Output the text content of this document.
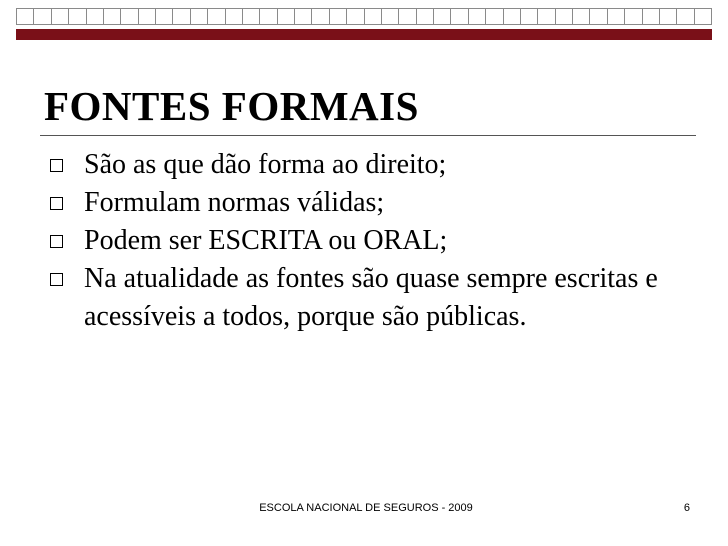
FONTES FORMAIS
São as que dão forma ao direito;
Formulam normas válidas;
Podem ser ESCRITA ou ORAL;
Na atualidade as fontes são quase sempre escritas e acessíveis a todos, porque são públicas.
ESCOLA NACIONAL DE SEGUROS - 2009	6
